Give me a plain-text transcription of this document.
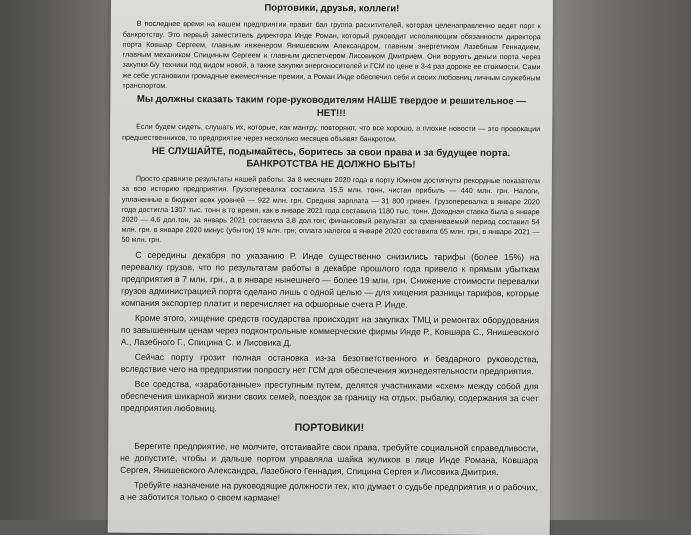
Портовики, друзья, коллеги!

В последнее время на нашем предприятии правит бал группа расхитителей, которая целенаправленно ведет порт к банкротству. Это первый заместитель директора Инде Роман, который руководит исполняющим обязанности директора порта Ковшар Сергеем, главным инженером Янишевским Александром, главным энергетиком Лазебным Геннадием, главным механиком Спициным Сергеем и главным диспетчером Лисовиком Дмитрием. Они ворують деньги порта через закупки б/у техники под видом новой, а также закупки энергоносителей и ГСМ по цене в 3-4 раз дороже ее стоимости. Сами же себе установили громадные ежемесячные премии, а Роман Инде обеспечил себя и своих любовниц личным служебным транспортом.

Мы должны сказать таким горе-руководителям НАШЕ твердое и решительное — НЕТ!!!

Если будем сидеть, слушать их, которые, как мантру, повторяют, что все хорошо, а плохие новости — это провокации предшественников, то предприятие через несколько месяцев объявят банкротом.

НЕ СЛУШАЙТЕ, подымайтесь, боритесь за свои права и за будущее порта. БАНКРОТСТВА НЕ ДОЛЖНО БЫТЬ!

Просто сравните результаты нашей работы. За 8 месяцев 2020 года в порту Южном достигнуты рекордные показатели за всю историю предприятия. Грузоперевалка составила 15,5 млн. тонн, чистая прибыль — 440 млн. грн. Налоги, уплаченные в бюджет всех уровней — 922 млн. грн. Средняя зарплата — 31 800 гривен. Грузоперевалка в январе 2020 года достигла 1307 тыс. тонн в то время, как в январе 2021 года составила 1180 тыс. тонн. Доходная ставка была в январе 2020 — 4,6 дол.тон, за январь 2021 составила 3,8 дол.тон; финансовый результат за сравниваемый период составил 54 млн. грн. в январе 2020 минус (убыток) 19 млн. грн; оплата налогов в январе 2020 составила 65 млн. грн, в январе 2021 — 50 млн. грн.

С середины декабря по указанию Р. Инде существенно снизились тарифы (более 15%) на перевалку грузов, что по результатам работы в декабре прошлого года привело к прямым убыткам предприятия в 7 млн. грн., а в январе нынешнего — более 19 млн. грн. Снижение стоимости перевалки грузов администрацией порта сделано лишь с одной целью — для хищения разницы тарифов, которые компания экспортер платит и перечисляет на офшорные счета Р. Инде.

Кроме этого, хищение средств государства происходят на закупках ТМЦ и ремонтах оборудования по завышенным ценам через подконтрольные коммерческие фирмы Инде Р., Ковшара С., Янишевского А., Лазебного Г., Спицина С. и Лисовика Д.

Сейчас порту грозит полная остановка из-за безответственного и бездарного руководства, вследствие чего на предприятии попросту нет ГСМ для обеспечения жизнедеятельности предприятия.

Все средства, «заработанные» преступным путем, делятся участниками «схем» между собой для обеспечения шикарной жизни своих семей, поездок за границу на отдых, рыбалку, содержания за счет предприятия любовниц.

ПОРТОВИКИ!

Берегите предприятие, не молчите, отстаивайте свои права, требуйте социальной справедливости, не допустите, чтобы и дальше портом управляла шайка жуликов в лице Инде Романа, Ковшара Сергея, Янишевского Александра, Лазебного Геннадия, Спицина Сергея и Лисовика Дмитрия.

Требуйте назначение на руководящие должности тех, кто думает о судьбе предприятия и о рабочих, а не заботится только о своем кармане!
